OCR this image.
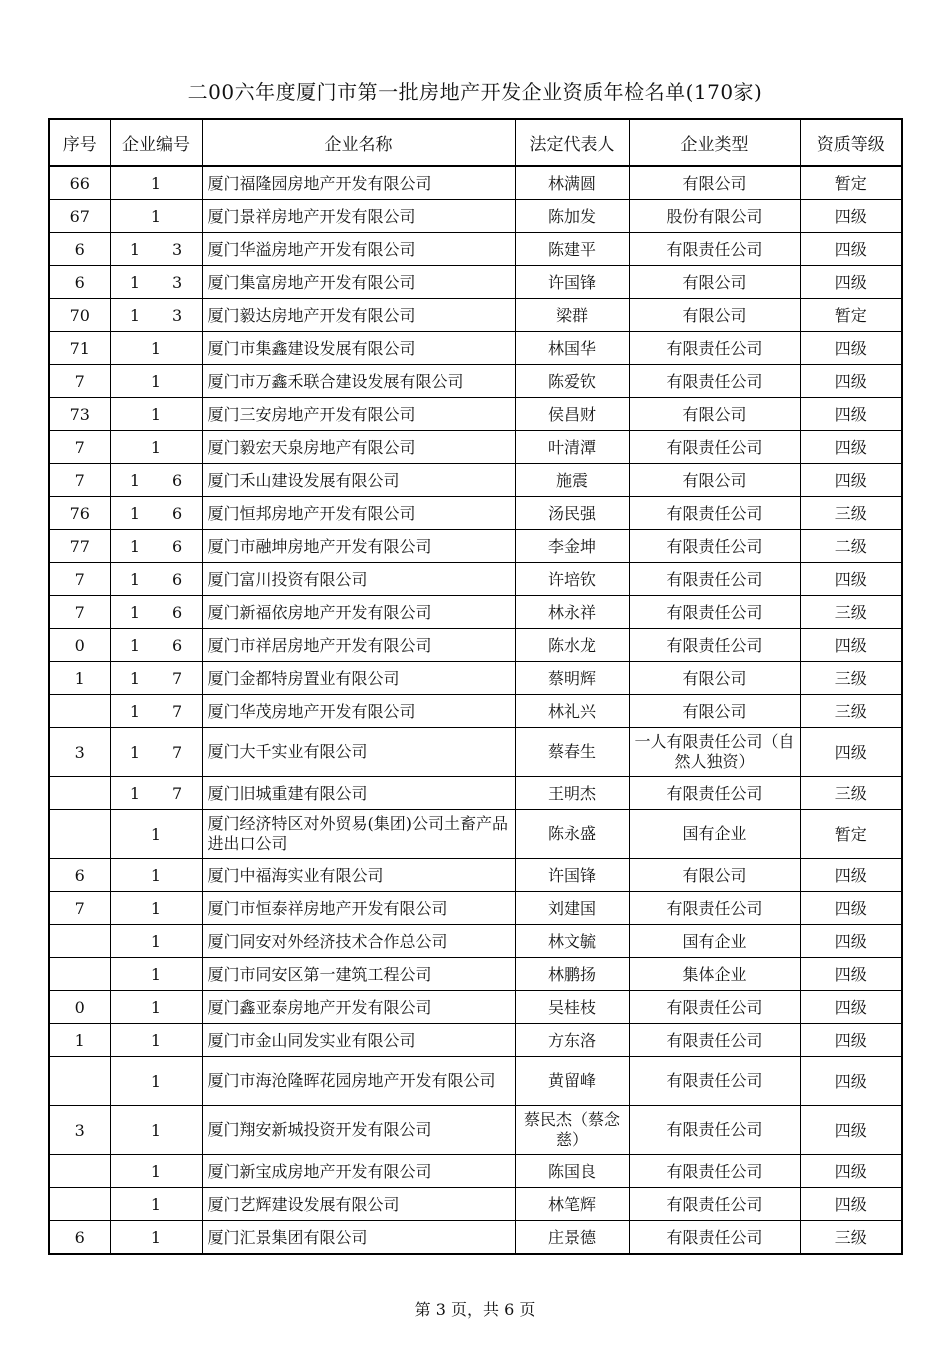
二00六年度厦门市第一批房地产开发企业资质年检名单(170家)
序号	企业编号	企业名称	法定代表人	企业类型	资质等级
66	1	厦门福隆园房地产开发有限公司	林满圆	有限公司	暂定
67	1	厦门景祥房地产开发有限公司	陈加发	股份有限公司	四级
6	1　　3	厦门华溢房地产开发有限公司	陈建平	有限责任公司	四级
6	1　　3	厦门集富房地产开发有限公司	许国锋	有限公司	四级
70	1　　3	厦门毅达房地产开发有限公司	梁群	有限公司	暂定
71	1	厦门市集鑫建设发展有限公司	林国华	有限责任公司	四级
7	1	厦门市万鑫禾联合建设发展有限公司	陈爱钦	有限责任公司	四级
73	1	厦门三安房地产开发有限公司	侯昌财	有限公司	四级
7	1	厦门毅宏天泉房地产有限公司	叶清潭	有限责任公司	四级
7	1　　6	厦门禾山建设发展有限公司	施震	有限公司	四级
76	1　　6	厦门恒邦房地产开发有限公司	汤民强	有限责任公司	三级
77	1　　6	厦门市融坤房地产开发有限公司	李金坤	有限责任公司	二级
7	1　　6	厦门富川投资有限公司	许培钦	有限责任公司	四级
7	1　　6	厦门新福依房地产开发有限公司	林永祥	有限责任公司	三级
0	1　　6	厦门市祥居房地产开发有限公司	陈水龙	有限责任公司	四级
1	1　　7	厦门金都特房置业有限公司	蔡明辉	有限公司	三级
	1　　7	厦门华茂房地产开发有限公司	林礼兴	有限公司	三级
3	1　　7	厦门大千实业有限公司	蔡春生	一人有限责任公司（自然人独资）	四级
	1　　7	厦门旧城重建有限公司	王明杰	有限责任公司	三级
	1	厦门经济特区对外贸易(集团)公司土畜产品进出口公司	陈永盛	国有企业	暂定
6	1	厦门中福海实业有限公司	许国锋	有限公司	四级
7	1	厦门市恒泰祥房地产开发有限公司	刘建国	有限责任公司	四级
	1	厦门同安对外经济技术合作总公司	林文毓	国有企业	四级
	1	厦门市同安区第一建筑工程公司	林鹏扬	集体企业	四级
0	1	厦门鑫亚泰房地产开发有限公司	吴桂枝	有限责任公司	四级
1	1	厦门市金山同发实业有限公司	方东洛	有限责任公司	四级
	1	厦门市海沧隆晖花园房地产开发有限公司	黄留峰	有限责任公司	四级
3	1	厦门翔安新城投资开发有限公司	蔡民杰（蔡念慈）	有限责任公司	四级
	1	厦门新宝成房地产开发有限公司	陈国良	有限责任公司	四级
	1	厦门艺辉建设发展有限公司	林笔辉	有限责任公司	四级
6	1	厦门汇景集团有限公司	庄景德	有限责任公司	三级
第 3 页，共 6 页
